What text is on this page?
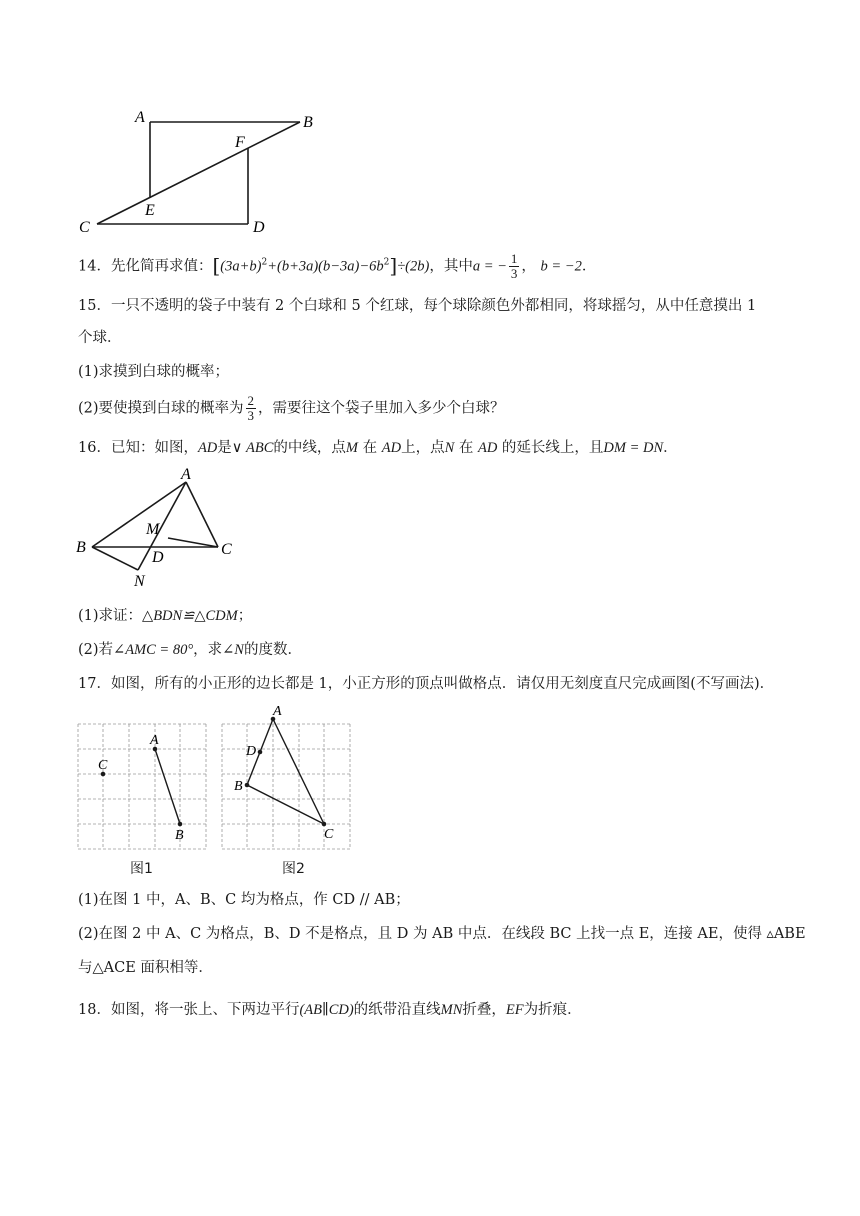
A	B
C	D
E
F
14．先化简再求值：$[(3a+b)^2+(b+3a)(b-3a)-6b^2]\div(2b)$，其中a = − $\frac{1}{3}$ ， b = −2．
15．一只不透明的袋子中装有 2 个白球和 5 个红球，每个球除颜色外都相同，将球摇匀，从中任意摸出 1
个球．
(1)求摸到白球的概率；
(2)要使摸到白球的概率为 $\frac{2}{3}$ ，需要往这个袋子里加入多少个白球？
16．已知：如图，AD是∨ ABC的中线，点M 在 AD上，点N 在 AD 的延长线上，且DM = DN．
A
B	C
D
M
N
(1)求证：△BDN≌△CDM；
(2)若∠AMC = 80°，求∠N的度数．
17．如图，所有的小正形的边长都是 1，小正方形的顶点叫做格点．请仅用无刻度直尺完成画图(不写画法)．
A
B
C
图1
A
B
C
D
图2
(1)在图 1 中，A、B、C 均为格点，作 CD // AB；
(2)在图 2 中 A、C 为格点，B、D 不是格点，且 D 为 AB 中点．在线段 BC 上找一点 E，连接 AE，使得 ▵ABE
与△ACE 面积相等．
18．如图，将一张上、下两边平行(AB∥CD)的纸带沿直线MN折叠，EF为折痕．
